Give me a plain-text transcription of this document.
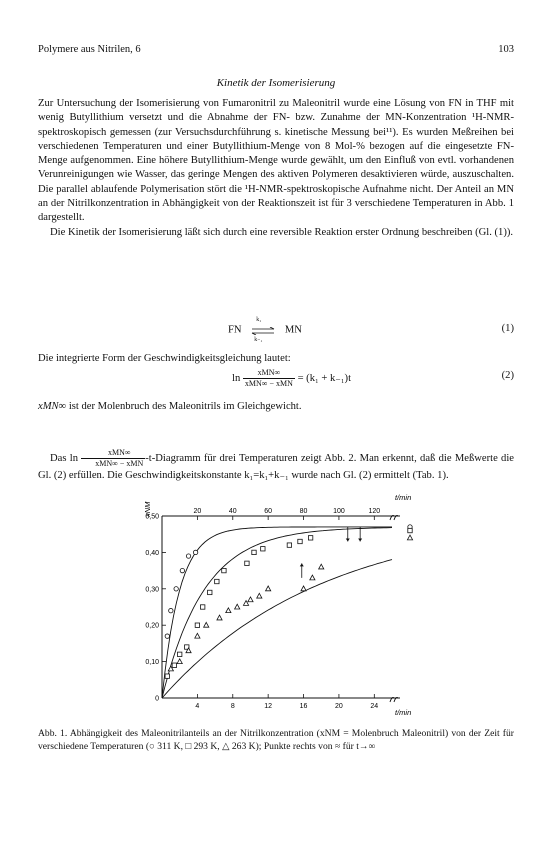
Polymere aus Nitrilen, 6	103
Kinetik der Isomerisierung

Zur Untersuchung der Isomerisierung von Fumaronitril zu Maleonitril wurde eine Lösung von FN in THF mit wenig Butyllithium versetzt und die Abnahme der FN- bzw. Zunahme der MN-Konzentration ¹H-NMR-spektroskopisch gemessen (zur Versuchsdurchführung s. kinetische Messung bei¹¹). Es wurden Meßreihen bei verschiedenen Temperaturen und einer Butyllithium-Menge von 8 Mol-% bezogen auf die eingesetzte FN-Menge aufgenommen. Eine höhere Butyllithium-Menge wurde gewählt, um den Einfluß von evtl. vorhandenen Verunreinigungen wie Wasser, das geringe Mengen des aktiven Polymeren desaktivieren würde, auszuschalten. Die parallel ablaufende Polymerisation stört die ¹H-NMR-spektroskopische Aufnahme nicht. Der Anteil an MN an der Nitrilkonzentration in Abhängigkeit von der Reaktionszeit ist für 3 verschiedene Temperaturen in Abb. 1 dargestellt.
Die Kinetik der Isomerisierung läßt sich durch eine reversible Reaktion erster Ordnung beschreiben (Gl. (1)).

FN
k₁
k₋₁
MN	(1)

Die integrierte Form der Geschwindigkeitsgleichung lautet:

$\ln \frac{\text{xMN∞}}{\text{xMN∞ − xMN}} = (k_1 + k_{-1})t$	(2)

xMN∞ ist der Molenbruch des Maleonitrils im Gleichgewicht.

Das $\ln \frac{\text{xMN∞}}{\text{xMN∞ − xMN}}$ -t-Diagramm für drei Temperaturen zeigt Abb. 2. Man erkennt, daß die Meßwerte die Gl. (2) erfüllen. Die Geschwindigkeitskonstante k₁=k₁+k₋₁ wurde nach Gl. (2) ermittelt (Tab. 1).

t/min
t/min
xNM
0
0,10
0,20
0,30
0,40
0,50
4	8	12	16	20	24
20	40	60	80	100	120
Abb. 1. Abhängigkeit des Maleonitrilanteils an der Nitrilkonzentration (xNM = Molenbruch Maleonitril) von der Zeit für verschiedene Temperaturen (○ 311 K, □ 293 K, △ 263 K); Punkte rechts von ≈ für t→∞
